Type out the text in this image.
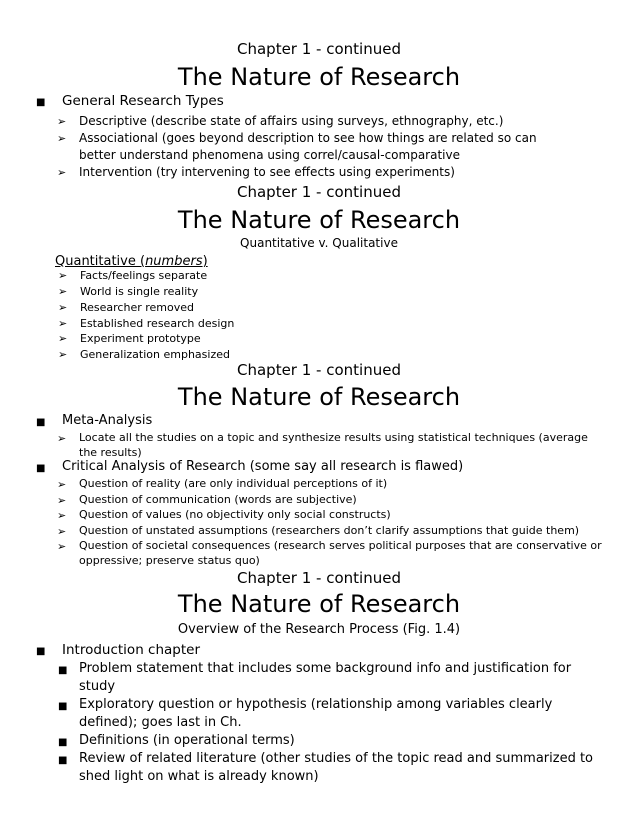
Chapter 1 - continued
The Nature of Research
■ General Research Types
➢ Descriptive (describe state of affairs using surveys, ethnography, etc.)
➢ Associational (goes beyond description to see how things are related so can
better understand phenomena using correl/causal-comparative
➢ Intervention (try intervening to see effects using experiments)
Chapter 1 - continued
The Nature of Research
Quantitative v. Qualitative
Quantitative (numbers)
➢ Facts/feelings separate
➢ World is single reality
➢ Researcher removed
➢ Established research design
➢ Experiment prototype
➢ Generalization emphasized
Chapter 1 - continued
The Nature of Research
■ Meta-Analysis
➢ Locate all the studies on a topic and synthesize results using statistical techniques (average
the results)
■ Critical Analysis of Research (some say all research is flawed)
➢ Question of reality (are only individual perceptions of it)
➢ Question of communication (words are subjective)
➢ Question of values (no objectivity only social constructs)
➢ Question of unstated assumptions (researchers don’t clarify assumptions that guide them)
➢ Question of societal consequences (research serves political purposes that are conservative or
oppressive; preserve status quo)
Chapter 1 - continued
The Nature of Research
Overview of the Research Process (Fig. 1.4)
■ Introduction chapter
■ Problem statement that includes some background info and justification for
study
■ Exploratory question or hypothesis (relationship among variables clearly
defined); goes last in Ch.
■ Definitions (in operational terms)
■ Review of related literature (other studies of the topic read and summarized to
shed light on what is already known)
